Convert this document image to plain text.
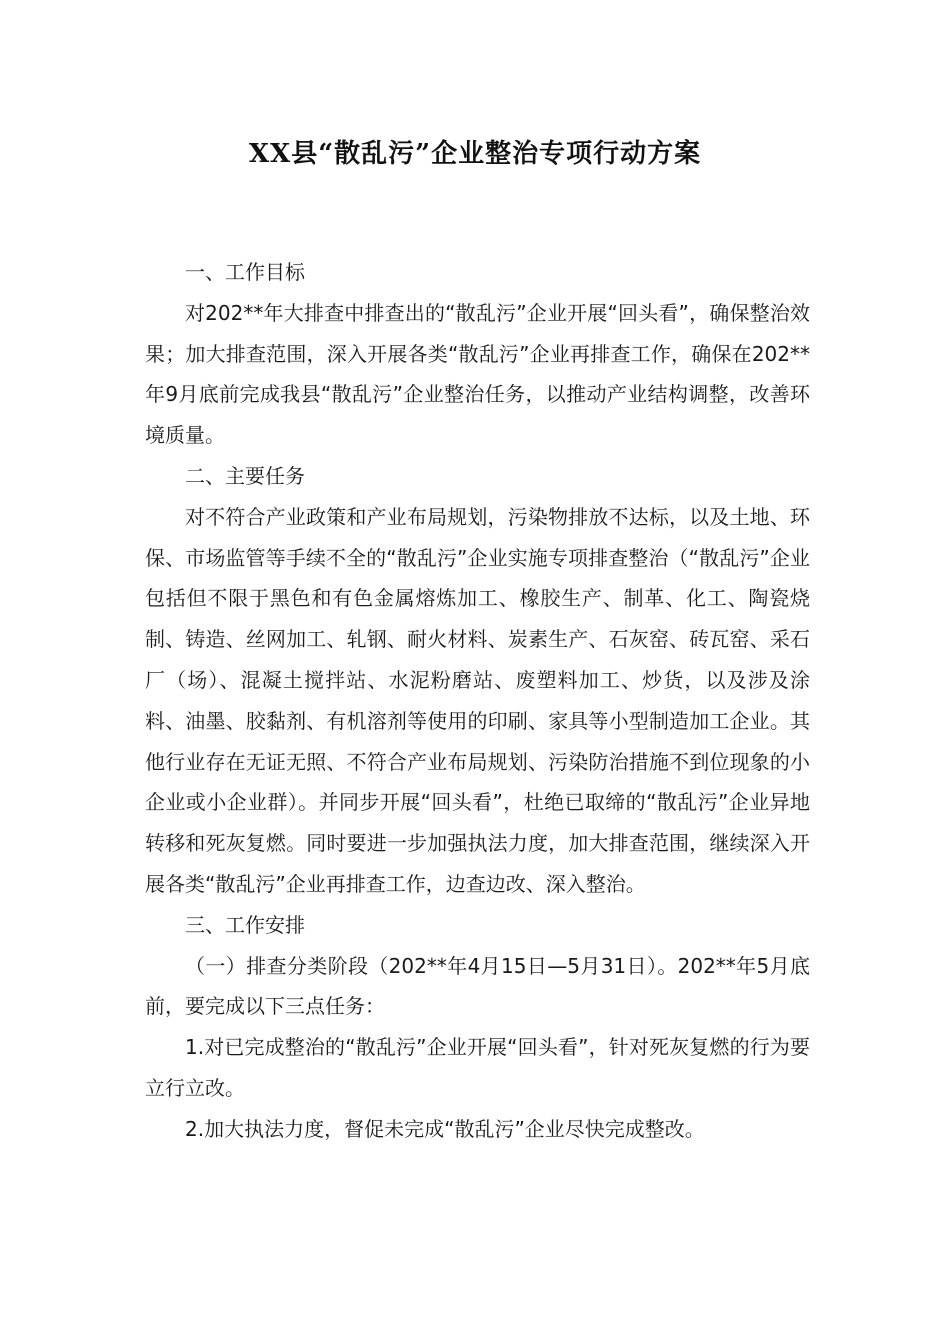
XX县“散乱污”企业整治专项行动方案

一、工作目标

对202**年大排查中排查出的“散乱污”企业开展“回头看”，确保整治效果；加大排查范围，深入开展各类“散乱污”企业再排查工作，确保在202**年9月底前完成我县“散乱污”企业整治任务，以推动产业结构调整，改善环境质量。

二、主要任务

对不符合产业政策和产业布局规划，污染物排放不达标，以及土地、环保、市场监管等手续不全的“散乱污”企业实施专项排查整治（“散乱污”企业包括但不限于黑色和有色金属熔炼加工、橡胶生产、制革、化工、陶瓷烧制、铸造、丝网加工、轧钢、耐火材料、炭素生产、石灰窑、砖瓦窑、采石厂（场）、混凝土搅拌站、水泥粉磨站、废塑料加工、炒货，以及涉及涂料、油墨、胶黏剂、有机溶剂等使用的印刷、家具等小型制造加工企业。其他行业存在无证无照、不符合产业布局规划、污染防治措施不到位现象的小企业或小企业群）。并同步开展“回头看”，杜绝已取缔的“散乱污”企业异地转移和死灰复燃。同时要进一步加强执法力度，加大排查范围，继续深入开展各类“散乱污”企业再排查工作，边查边改、深入整治。

三、工作安排

（一）排查分类阶段（202**年4月15日—5月31日）。202**年5月底前，要完成以下三点任务：

1.对已完成整治的“散乱污”企业开展“回头看”，针对死灰复燃的行为要立行立改。

2.加大执法力度，督促未完成“散乱污”企业尽快完成整改。
